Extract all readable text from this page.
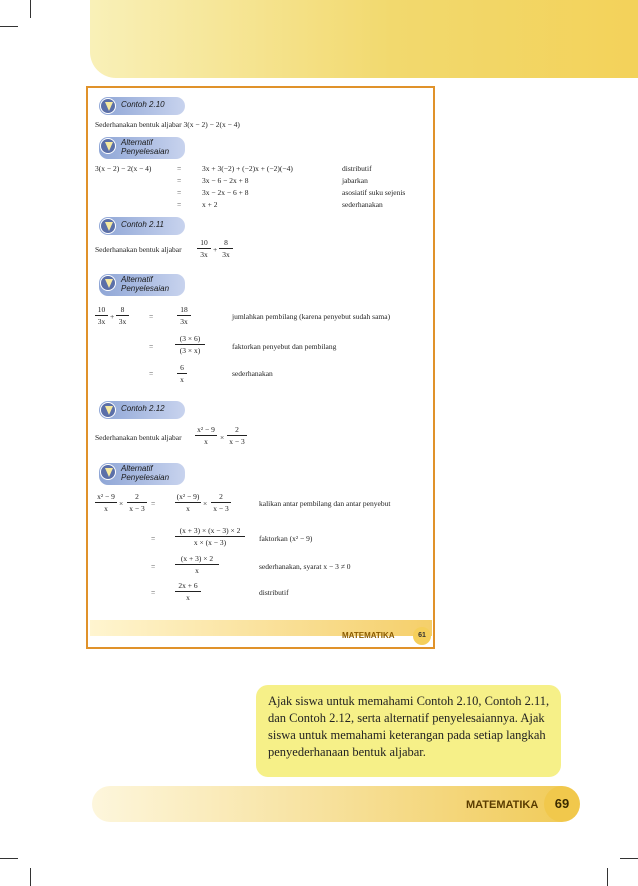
Contoh 2.10
Sederhanakan bentuk aljabar 3(x − 2) − 2(x − 4)
Alternatif Penyelesaian
3(x − 2) − 2(x − 4)	=	3x + 3(−2) + (−2)x + (−2)(−4)	distributif
=	3x − 6 − 2x + 8	jabarkan
=	3x − 2x − 6 + 8	asosiatif suku sejenis
=	x + 2	sederhanakan
Contoh 2.11
Sederhanakan bentuk aljabar $\frac{10}{3x} + \frac{8}{3x}$
Alternatif Penyelesaian
$\frac{10}{3x} + \frac{8}{3x}$	=	$\frac{18}{3x}$	jumlahkan pembilang (karena penyebut sudah sama)
=	$\frac{(3 \times 6)}{(3 \times x)}$	faktorkan penyebut dan pembilang
=	$\frac{6}{x}$	sederhanakan
Contoh 2.12
Sederhanakan bentuk aljabar $\frac{\text{x² − 9}}{x} \times \frac{2}{x - 3}$
Alternatif Penyelesaian
$\frac{\text{x² − 9}}{x} \times \frac{2}{x - 3}$ =	$\frac{\text{(x² − 9)}}{x} \times \frac{2}{x - 3}$	kalikan antar pembilang dan antar penyebut
=	$\frac{(x + 3) \times (x - 3) \times 2}{x \times (x - 3)}$ faktorkan (x² − 9)
=	$\frac{(x + 3) \times 2}{x}$	sederhanakan, syarat x − 3 ≠ 0
=	$\frac{2x + 6}{x}$	distributif
MATEMATIKA	61
Ajak siswa untuk memahami Contoh 2.10, Contoh 2.11, dan Contoh 2.12, serta alternatif penyelesaiannya. Ajak siswa untuk memahami keterangan pada setiap langkah penyederhanaan bentuk aljabar.
MATEMATIKA	69
